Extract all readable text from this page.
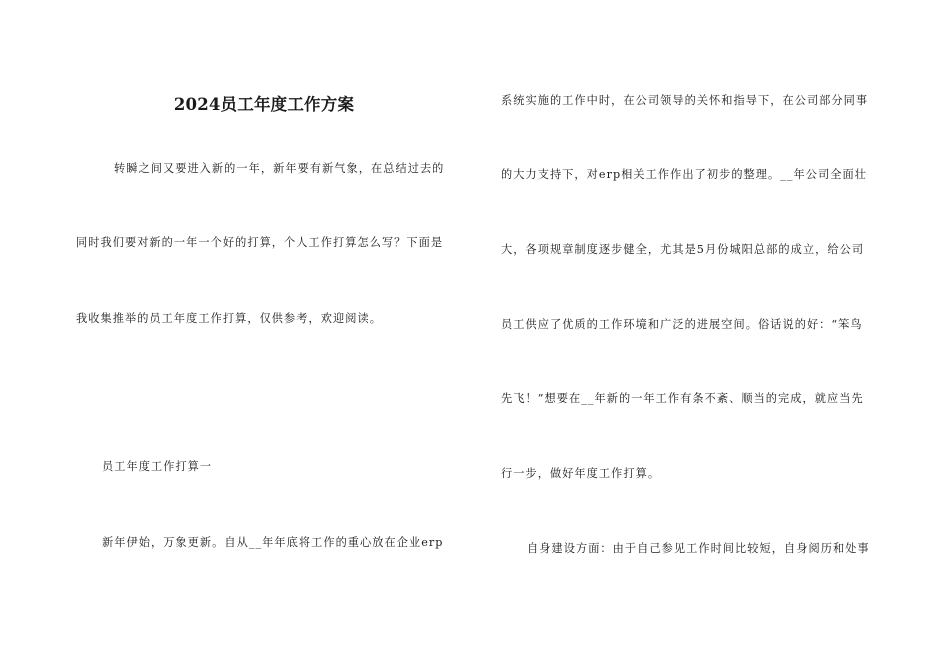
2024员工年度工作方案
转瞬之间又要进入新的一年，新年要有新气象，在总结过去的
同时我们要对新的一年一个好的打算，个人工作打算怎么写？下面是
我收集推举的员工年度工作打算，仅供参考，欢迎阅读。
员工年度工作打算一
新年伊始，万象更新。自从__年年底将工作的重心放在企业erp
系统实施的工作中时，在公司领导的关怀和指导下，在公司部分同事
的大力支持下，对erp相关工作作出了初步的整理。__年公司全面壮
大，各项规章制度逐步健全，尤其是5月份城阳总部的成立，给公司
员工供应了优质的工作环境和广泛的进展空间。俗话说的好：“笨鸟
先飞！”想要在__年新的一年工作有条不紊、顺当的完成，就应当先
行一步，做好年度工作打算。
自身建设方面：由于自己参见工作时间比较短，自身阅历和处事
